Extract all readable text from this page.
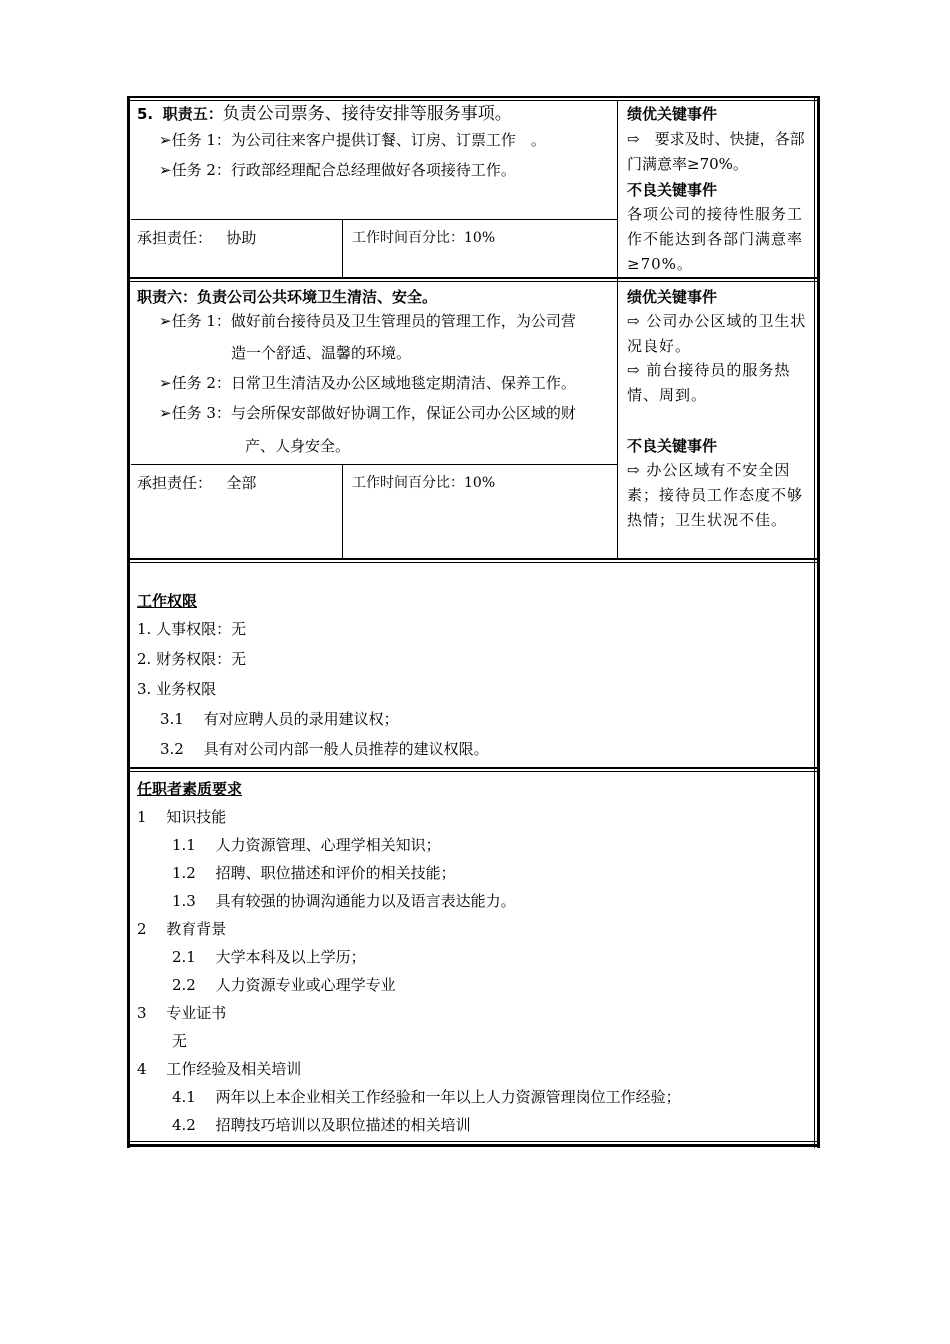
5. 职责五：负责公司票务、接待安排等服务事项。
➢任务 1：为公司往来客户提供订餐、订房、订票工作　。
➢任务 2：行政部经理配合总经理做好各项接待工作。
承担责任： 协助	工作时间百分比：10%
绩优关键事件
⇨　要求及时、快捷，各部门满意率≥70%。
不良关键事件
各项公司的接待性服务工作不能达到各部门满意率≥70%。
职责六：负责公司公共环境卫生清洁、安全。
➢任务 1：做好前台接待员及卫生管理员的管理工作，为公司营
造一个舒适、温馨的环境。
➢任务 2：日常卫生清洁及办公区域地毯定期清洁、保养工作。
➢任务 3：与会所保安部做好协调工作，保证公司办公区域的财
产、人身安全。
承担责任： 全部	工作时间百分比：10%
绩优关键事件
⇨ 公司办公区域的卫生状况良好。
⇨ 前台接待员的服务热情、周到。
不良关键事件
⇨ 办公区域有不安全因素；接待员工作态度不够热情；卫生状况不佳。
工作权限
1. 人事权限：无
2. 财务权限：无
3. 业务权限
3.1　 有对应聘人员的录用建议权；
3.2　 具有对公司内部一般人员推荐的建议权限。
任职者素质要求
1　 知识技能
1.1　 人力资源管理、心理学相关知识；
1.2　 招聘、职位描述和评价的相关技能；
1.3　 具有较强的协调沟通能力以及语言表达能力。
2　 教育背景
2.1　 大学本科及以上学历；
2.2　 人力资源专业或心理学专业
3　 专业证书
无
4　 工作经验及相关培训
4.1　 两年以上本企业相关工作经验和一年以上人力资源管理岗位工作经验；
4.2　 招聘技巧培训以及职位描述的相关培训
